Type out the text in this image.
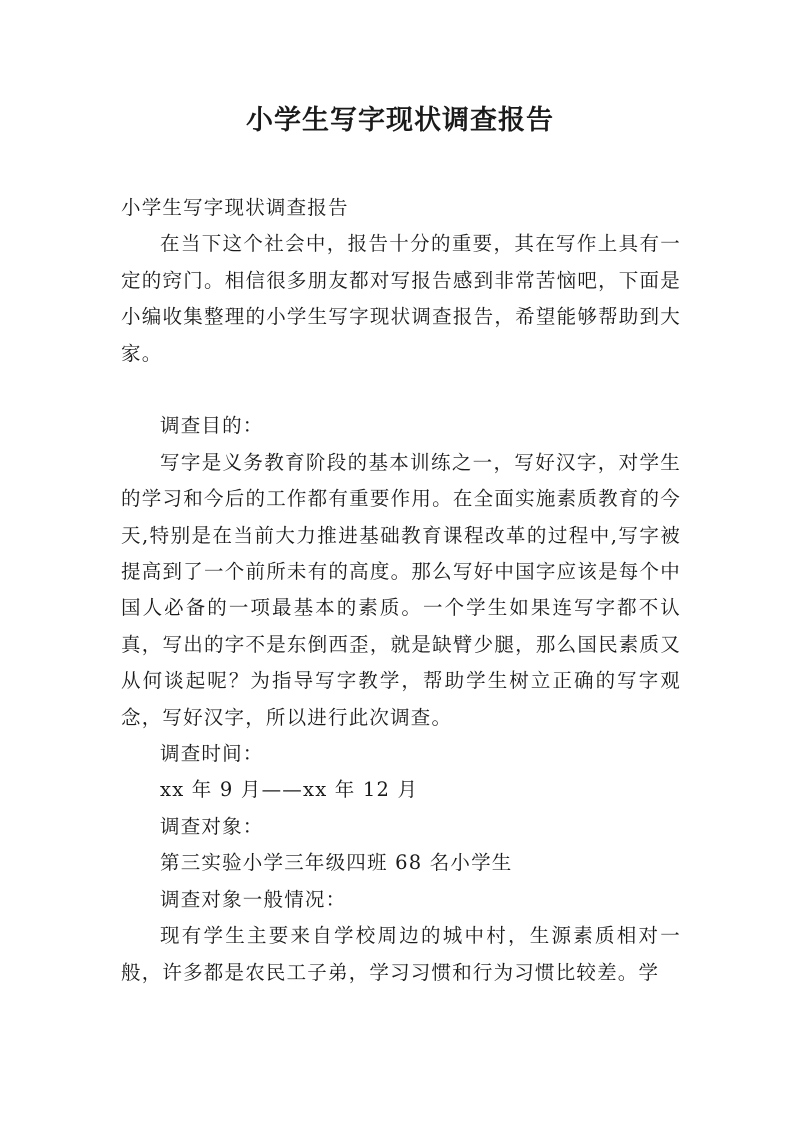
小学生写字现状调查报告

小学生写字现状调查报告

在当下这个社会中，报告十分的重要，其在写作上具有一定的窍门。相信很多朋友都对写报告感到非常苦恼吧，下面是小编收集整理的小学生写字现状调查报告，希望能够帮助到大家。

调查目的：

写字是义务教育阶段的基本训练之一，写好汉字，对学生的学习和今后的工作都有重要作用。在全面实施素质教育的今天,特别是在当前大力推进基础教育课程改革的过程中,写字被提高到了一个前所未有的高度。那么写好中国字应该是每个中国人必备的一项最基本的素质。一个学生如果连写字都不认真，写出的字不是东倒西歪，就是缺臂少腿，那么国民素质又从何谈起呢？为指导写字教学，帮助学生树立正确的写字观念，写好汉字，所以进行此次调查。

调查时间：

xx 年 9 月——xx 年 12 月

调查对象：

第三实验小学三年级四班 68 名小学生

调查对象一般情况：

现有学生主要来自学校周边的城中村，生源素质相对一般，许多都是农民工子弟，学习习惯和行为习惯比较差。学
